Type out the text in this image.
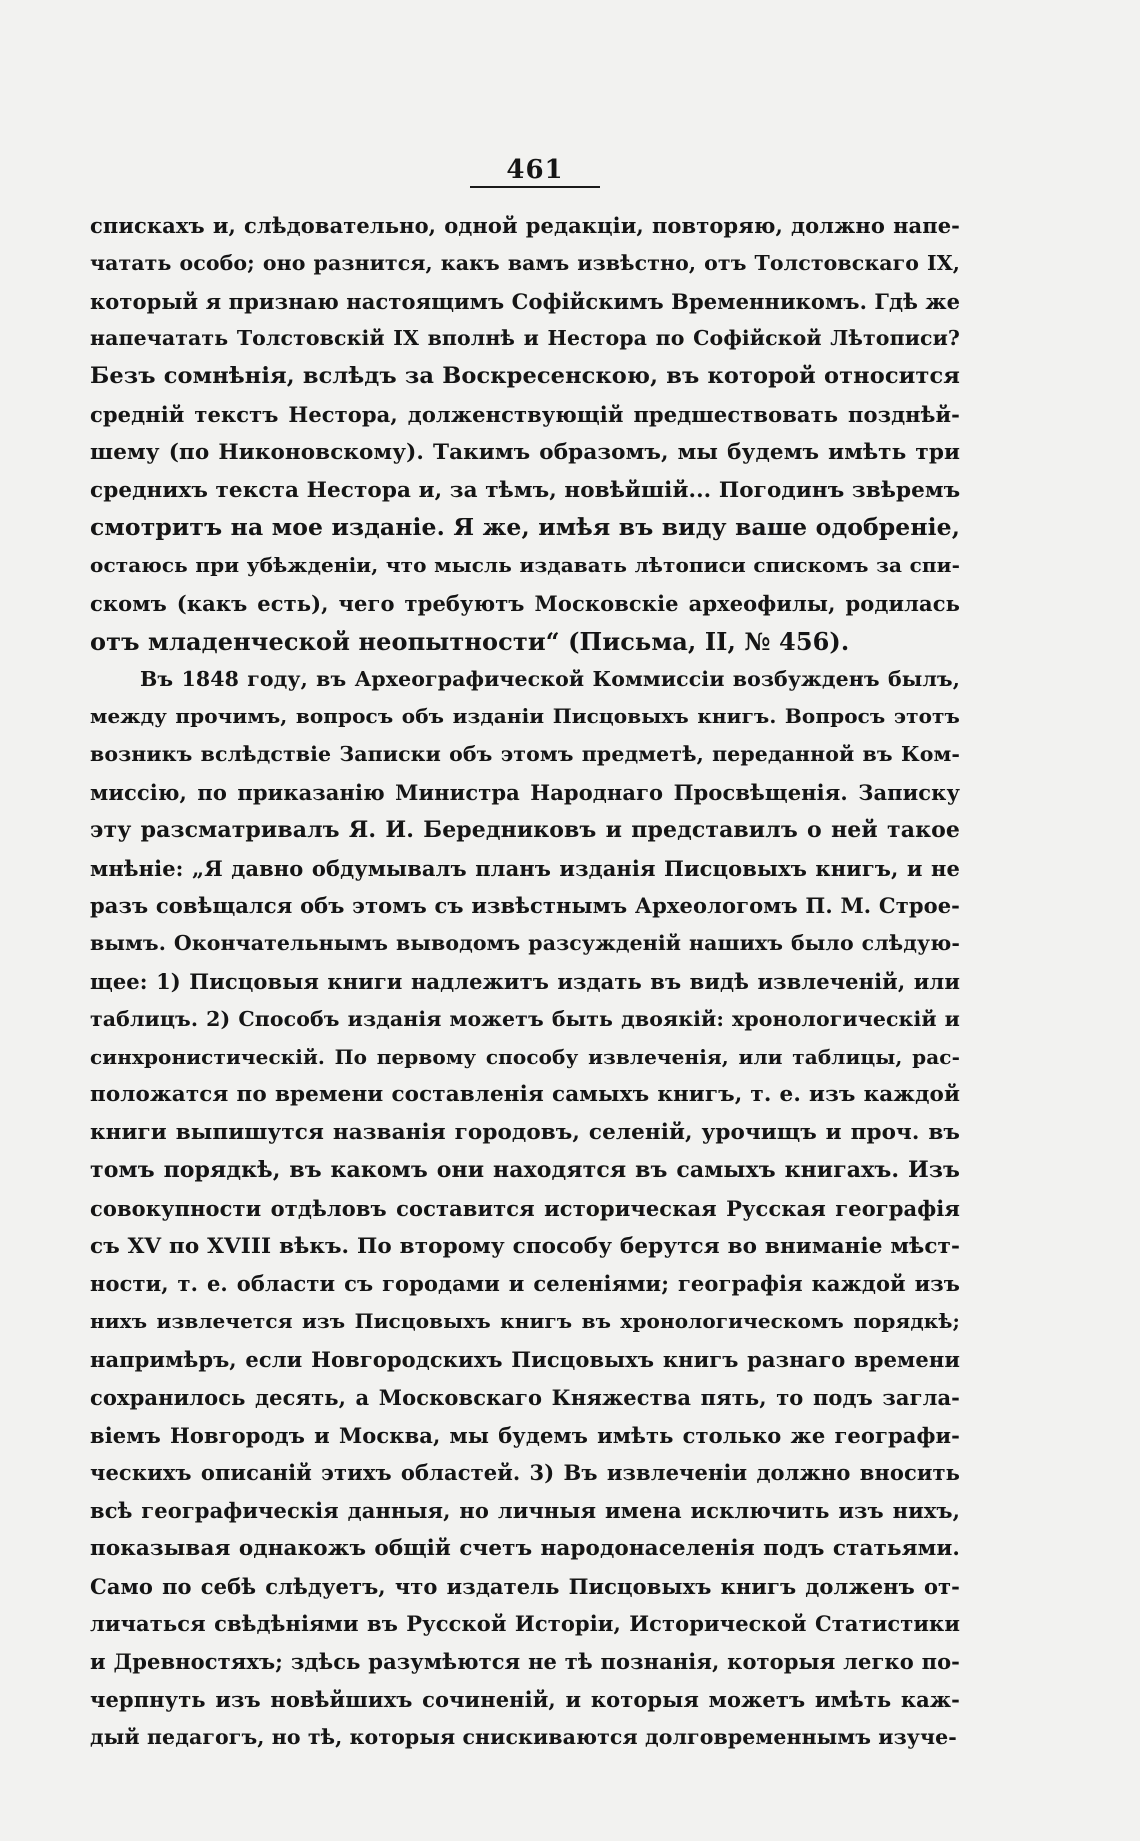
461
спискахъ и, слѣдовательно, одной редакціи, повторяю, должно напе-
чатать особо; оно разнится, какъ вамъ извѣстно, отъ Толстовскаго IX,
который я признаю настоящимъ Софійскимъ Временникомъ. Гдѣ же
напечатать Толстовскій IX вполнѣ и Нестора по Софійской Лѣтописи?
Безъ сомнѣнія, вслѣдъ за Воскресенскою, въ которой относится
средній текстъ Нестора, долженствующій предшествовать позднѣй-
шему (по Никоновскому). Такимъ образомъ, мы будемъ имѣть три
среднихъ текста Нестора и, за тѣмъ, новѣйшій... Погодинъ звѣремъ
смотритъ на мое изданіе. Я же, имѣя въ виду ваше одобреніе,
остаюсь при убѣжденіи, что мысль издавать лѣтописи спискомъ за спи-
скомъ (какъ есть), чего требуютъ Московскіе археофилы, родилась
отъ младенческой неопытности“ (Письма, II, № 456).
Въ 1848 году, въ Археографической Коммиссіи возбужденъ былъ,
между прочимъ, вопросъ объ изданіи Писцовыхъ книгъ. Вопросъ этотъ
возникъ вслѣдствіе Записки объ этомъ предметѣ, переданной въ Ком-
миссію, по приказанію Министра Народнаго Просвѣщенія. Записку
эту разсматривалъ Я. И. Бередниковъ и представилъ о ней такое
мнѣніе: „Я давно обдумывалъ планъ изданія Писцовыхъ книгъ, и не
разъ совѣщался объ этомъ съ извѣстнымъ Археологомъ П. М. Строе-
вымъ. Окончательнымъ выводомъ разсужденій нашихъ было слѣдую-
щее: 1) Писцовыя книги надлежитъ издать въ видѣ извлеченій, или
таблицъ. 2) Способъ изданія можетъ быть двоякій: хронологическій и
синхронистическій. По первому способу извлеченія, или таблицы, рас-
положатся по времени составленія самыхъ книгъ, т. е. изъ каждой
книги выпишутся названія городовъ, селеній, урочищъ и проч. въ
томъ порядкѣ, въ какомъ они находятся въ самыхъ книгахъ. Изъ
совокупности отдѣловъ составится историческая Русская географія
съ XV по XVIII вѣкъ. По второму способу берутся во вниманіе мѣст-
ности, т. е. области съ городами и селеніями; географія каждой изъ
нихъ извлечется изъ Писцовыхъ книгъ въ хронологическомъ порядкѣ;
напримѣръ, если Новгородскихъ Писцовыхъ книгъ разнаго времени
сохранилось десять, а Московскаго Княжества пять, то подъ загла-
віемъ Новгородъ и Москва, мы будемъ имѣть столько же географи-
ческихъ описаній этихъ областей. 3) Въ извлеченіи должно вносить
всѣ географическія данныя, но личныя имена исключить изъ нихъ,
показывая однакожъ общій счетъ народонаселенія подъ статьями.
Само по себѣ слѣдуетъ, что издатель Писцовыхъ книгъ долженъ от-
личаться свѣдѣніями въ Русской Исторіи, Исторической Статистики
и Древностяхъ; здѣсь разумѣются не тѣ познанія, которыя легко по-
черпнуть изъ новѣйшихъ сочиненій, и которыя можетъ имѣть каж-
дый педагогъ, но тѣ, которыя снискиваются долговременнымъ изуче-
